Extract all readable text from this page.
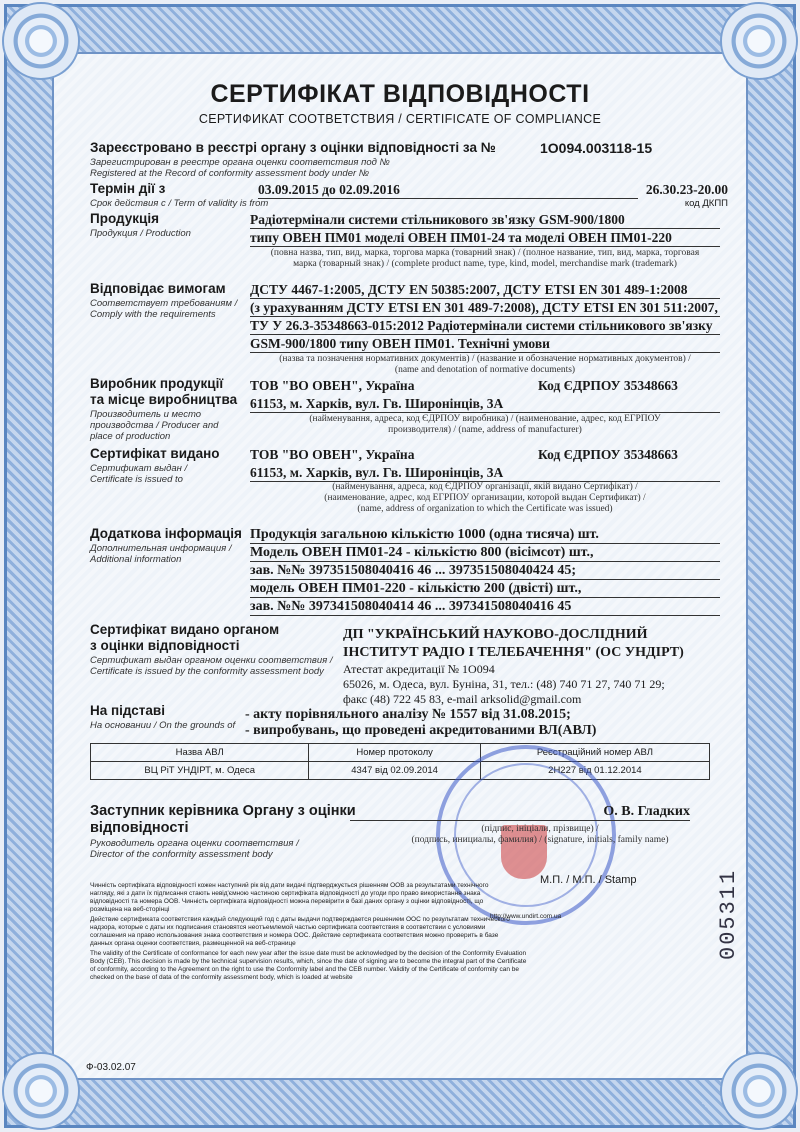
СЕРТИФІКАТ ВІДПОВІДНОСТІ
СЕРТИФИКАТ СООТВЕТСТВИЯ / CERTIFICATE OF COMPLIANCE
Зареєстровано в реєстрі органу з оцінки відповідності за №	1О094.003118-15
Зарегистрирован в реестре органа оценки соответствия под №
Registered at the Record of conformity assessment body under №
Термін дії з	03.09.2015 до 02.09.2016	26.30.23-20.00
код ДКПП
Срок действия с / Term of validity is from
Продукція
Продукция / Production
Радіотермінали системи стільникового зв'язку GSM-900/1800
типу ОВЕН ПМ01 моделі ОВЕН ПМ01-24 та моделі ОВЕН ПМ01-220
(повна назва, тип, вид, марка, торгова марка (товарний знак) / (полное название, тип, вид, марка, торговая
марка (товарный знак) / (complete product name, type, kind, model, merchandise mark (trademark)
Відповідає вимогам
Соответствует требованиям /
Comply with the requirements
ДСТУ 4467-1:2005, ДСТУ EN 50385:2007, ДСТУ ETSI EN 301 489-1:2008
(з урахуванням ДСТУ ETSI EN 301 489-7:2008), ДСТУ ETSI EN 301 511:2007,
ТУ У 26.3-35348663-015:2012 Радіотермінали системи стільникового зв'язку
GSM-900/1800 типу ОВЕН ПМ01. Технічні умови
(назва та позначення нормативних документів) / (название и обозначение нормативных документов) /
(name and denotation of normative documents)
Виробник продукції
та місце виробництва
Производитель и место
производства / Producer and
place of production
ТОВ "ВО ОВЕН", Україна	Код ЄДРПОУ 35348663
61153, м. Харків, вул. Гв. Широнінців, 3А
(найменування, адреса, код ЄДРПОУ виробника) / (наименование, адрес, код ЕГРПОУ
производителя) / (name, address of manufacturer)
Сертифікат видано
Сертификат выдан /
Certificate is issued to
ТОВ "ВО ОВЕН", Україна	Код ЄДРПОУ 35348663
61153, м. Харків, вул. Гв. Широнінців, 3А
(найменування, адреса, код ЄДРПОУ організації, якій видано Сертифікат) /
(наименование, адрес, код ЕГРПОУ организации, которой выдан Сертификат) /
(name, address of organization to which the Certificate was issued)
Додаткова інформація
Дополнительная информация /
Additional information
Продукція загальною кількістю 1000 (одна тисяча) шт.
Модель ОВЕН ПМ01-24 - кількістю 800 (вісімсот) шт.,
зав. №№ 397351508040416 46 ... 397351508040424 45;
модель ОВЕН ПМ01-220 - кількістю 200 (двісті) шт.,
зав. №№ 397341508040414 46 ... 397341508040416 45
Сертифікат видано органом
з оцінки відповідності
Сертификат выдан органом оценки соответствия /
Certificate is issued by the conformity assessment body
ДП "УКРАЇНСЬКИЙ НАУКОВО-ДОСЛІДНИЙ
ІНСТИТУТ РАДІО І ТЕЛЕБАЧЕННЯ" (ОС УНДІРТ)
Атестат акредитації № 1О094
65026, м. Одеса, вул. Буніна, 31, тел.: (48) 740 71 27, 740 71 29;
факс (48) 722 45 83, e-mail arksolid@gmail.com
На підставі
На основании / On the grounds of
- акту порівняльного аналізу № 1557 від 31.08.2015;
- випробувань, що проведені акредитованими ВЛ(АВЛ)
Назва АВЛ	Номер протоколу	Реєстраційний номер АВЛ
ВЦ РіТ УНДІРТ, м. Одеса	4347 від 02.09.2014	2Н227 від 01.12.2014
Заступник керівника Органу з оцінки
відповідності
Руководитель органа оценки соответствия /
Director of the conformity assessment body
О. В. Гладких
(підпис, ініціали, прізвище) /
(подпись, инициалы, фамилия) / (signature, initials, family name)
М.П. / М.П. / Stamp
Чинність сертифіката відповідності кожен наступний рік від дати видачі підтверджується рішенням ООВ за результатами технічного нагляду, які з дати їх підписання стають невід'ємною частиною сертифіката відповідності до угоди про право використання знака відповідності та номера ООВ. Чинність сертифіката відповідності можна перевірити в базі даних органу з оцінки відповідності, що розміщена на веб-сторінці
http://www.undirt.com.ua
Действие сертификата соответствия каждый следующий год с даты выдачи подтверждается решением ООС по результатам технического надзора, которые с даты их подписания становятся неотъемлемой частью сертификата соответствия в соответствии с условиями соглашения на право использования знака соответствия и номера ООС. Действие сертификата соответствия можно проверить в базе данных органа оценки соответствия, размещенной на веб-странице
The validity of the Certificate of conformance for each new year after the issue date must be acknowledged by the decision of the Conformity Evaluation Body (CEB). This decision is made by the technical supervision results, which, since the date of signing are to become the integral part of the Certificate of conformity, according to the Agreement on the right to use the Conformity label and the CEB number. Validity of the Certificate of conformity can be checked on the base of data of the conformity assessment body, which is loaded at website
005311
Ф-03.02.07
